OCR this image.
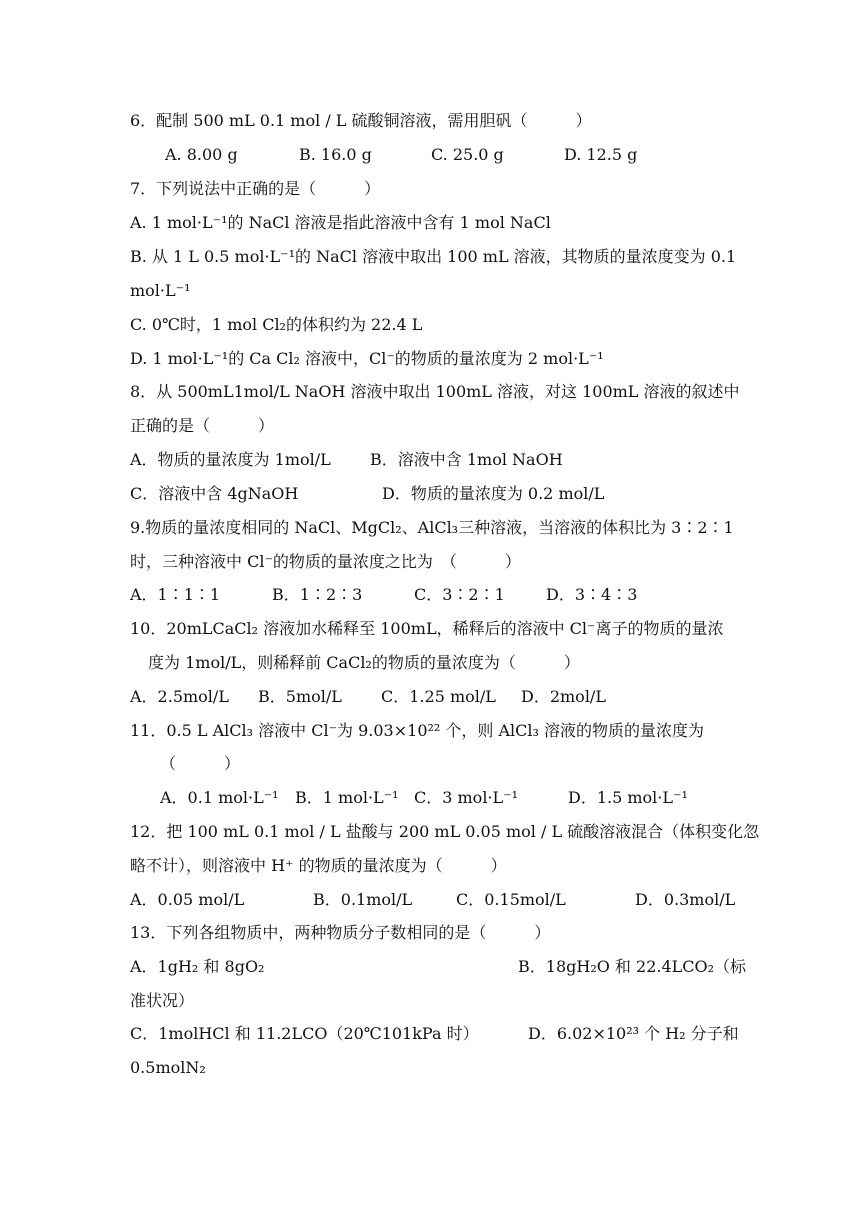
6．配制 500 mL 0.1 mol / L 硫酸铜溶液，需用胆矾（　　　）
A. 8.00 g	B. 16.0 g	C. 25.0 g	D. 12.5 g
7．下列说法中正确的是（　　　）
A. 1 mol·L⁻¹的 NaCl 溶液是指此溶液中含有 1 mol NaCl
B. 从 1 L 0.5 mol·L⁻¹的 NaCl 溶液中取出 100 mL 溶液，其物质的量浓度变为 0.1
mol·L⁻¹
C. 0℃时，1 mol Cl₂的体积约为 22.4 L
D. 1 mol·L⁻¹的 Ca Cl₂ 溶液中，Cl⁻的物质的量浓度为 2 mol·L⁻¹
8．从 500mL1mol/L NaOH 溶液中取出 100mL 溶液，对这 100mL 溶液的叙述中
正确的是（　　　）
A．物质的量浓度为 1mol/L B．溶液中含 1mol NaOH
C．溶液中含 4gNaOH	D．物质的量浓度为 0.2 mol/L
9.物质的量浓度相同的 NaCl、MgCl₂、AlCl₃三种溶液，当溶液的体积比为 3∶2∶1
时，三种溶液中 Cl⁻的物质的量浓度之比为　（　　　）
A．1∶1∶1	B．1∶2∶3	C．3∶2∶1	D．3∶4∶3
10．20mLCaCl₂ 溶液加水稀释至 100mL，稀释后的溶液中 Cl⁻离子的物质的量浓
度为 1mol/L，则稀释前 CaCl₂的物质的量浓度为（　　　）
A．2.5mol/L B．5mol/L C．1.25 mol/L D．2mol/L
11．0.5 L AlCl₃ 溶液中 Cl⁻为 9.03×10²² 个，则 AlCl₃ 溶液的物质的量浓度为
（　　　）
A．0.1 mol·L⁻¹ B．1 mol·L⁻¹ C．3 mol·L⁻¹	D．1.5 mol·L⁻¹
12．把 100 mL 0.1 mol / L 盐酸与 200 mL 0.05 mol / L 硫酸溶液混合（体积变化忽
略不计），则溶液中 H⁺ 的物质的量浓度为（　　　）
A．0.05 mol/L	B．0.1mol/L	C．0.15mol/L	D．0.3mol/L
13．下列各组物质中，两种物质分子数相同的是（　　　）
A．1gH₂ 和 8gO₂	B．18gH₂O 和 22.4LCO₂（标
准状况）
C．1molHCl 和 11.2LCO（20℃101kPa 时）	D．6.02×10²³ 个 H₂ 分子和
0.5molN₂
